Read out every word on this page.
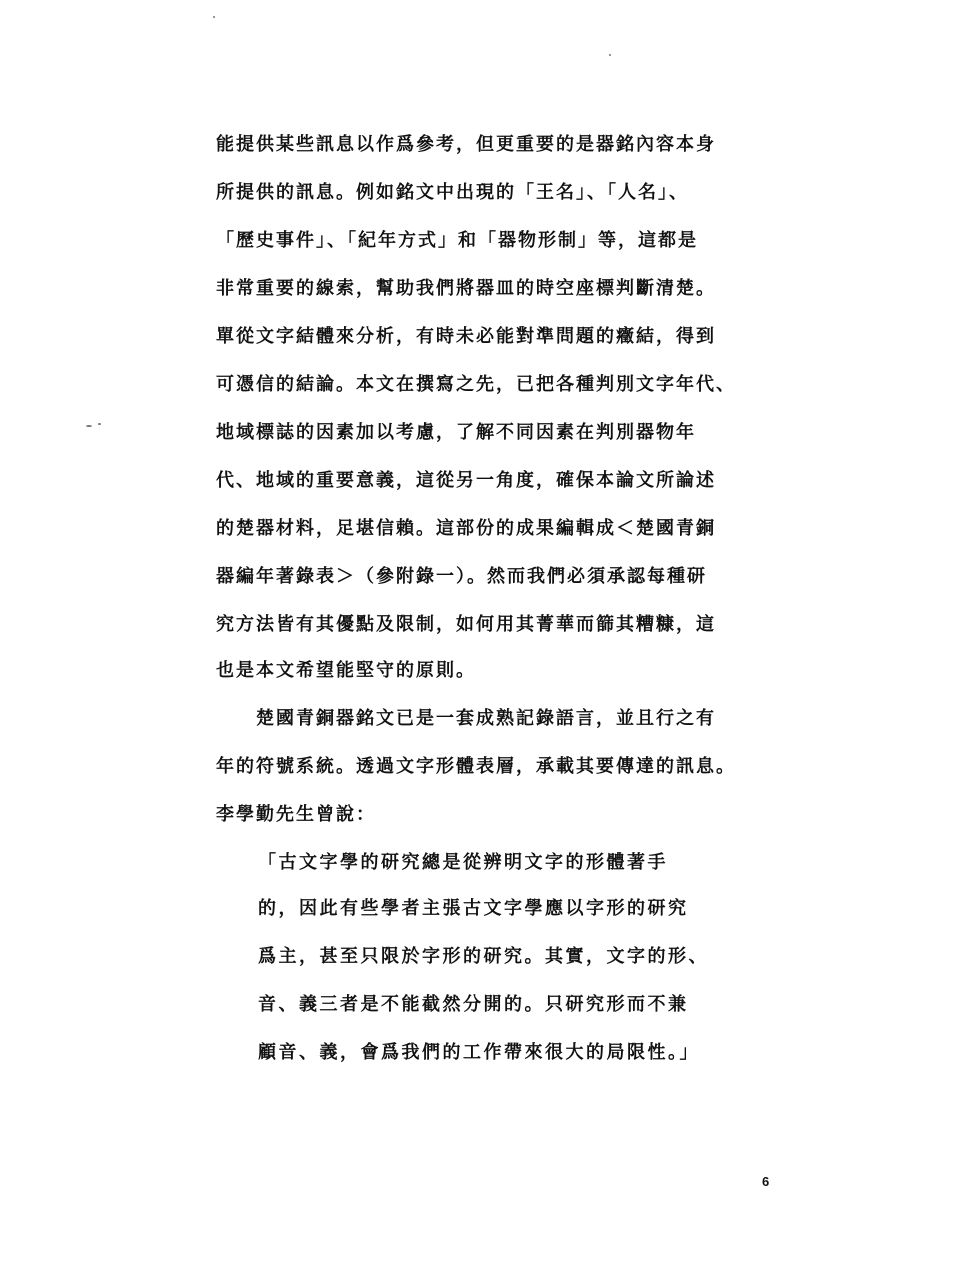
能提供某些訊息以作爲參考，但更重要的是器銘內容本身
所提供的訊息。例如銘文中出現的「王名」、「人名」、
「歷史事件」、「紀年方式」和「器物形制」等，這都是
非常重要的線索，幫助我們將器皿的時空座標判斷清楚。
單從文字結體來分析，有時未必能對準問題的癥結，得到
可憑信的結論。本文在撰寫之先，已把各種判別文字年代、
地域標誌的因素加以考慮，了解不同因素在判別器物年
代、地域的重要意義，這從另一角度，確保本論文所論述
的楚器材料，足堪信賴。這部份的成果編輯成＜楚國青銅
器編年著錄表＞（參附錄一）。然而我們必須承認每種研
究方法皆有其優點及限制，如何用其菁華而篩其糟糠，這
也是本文希望能堅守的原則。
楚國青銅器銘文已是一套成熟記錄語言，並且行之有
年的符號系統。透過文字形體表層，承載其要傳達的訊息。
李學勤先生曾說：
「古文字學的研究總是從辨明文字的形體著手
的，因此有些學者主張古文字學應以字形的研究
爲主，甚至只限於字形的研究。其實，文字的形、
音、義三者是不能截然分開的。只研究形而不兼
顧音、義，會爲我們的工作帶來很大的局限性。」
6
